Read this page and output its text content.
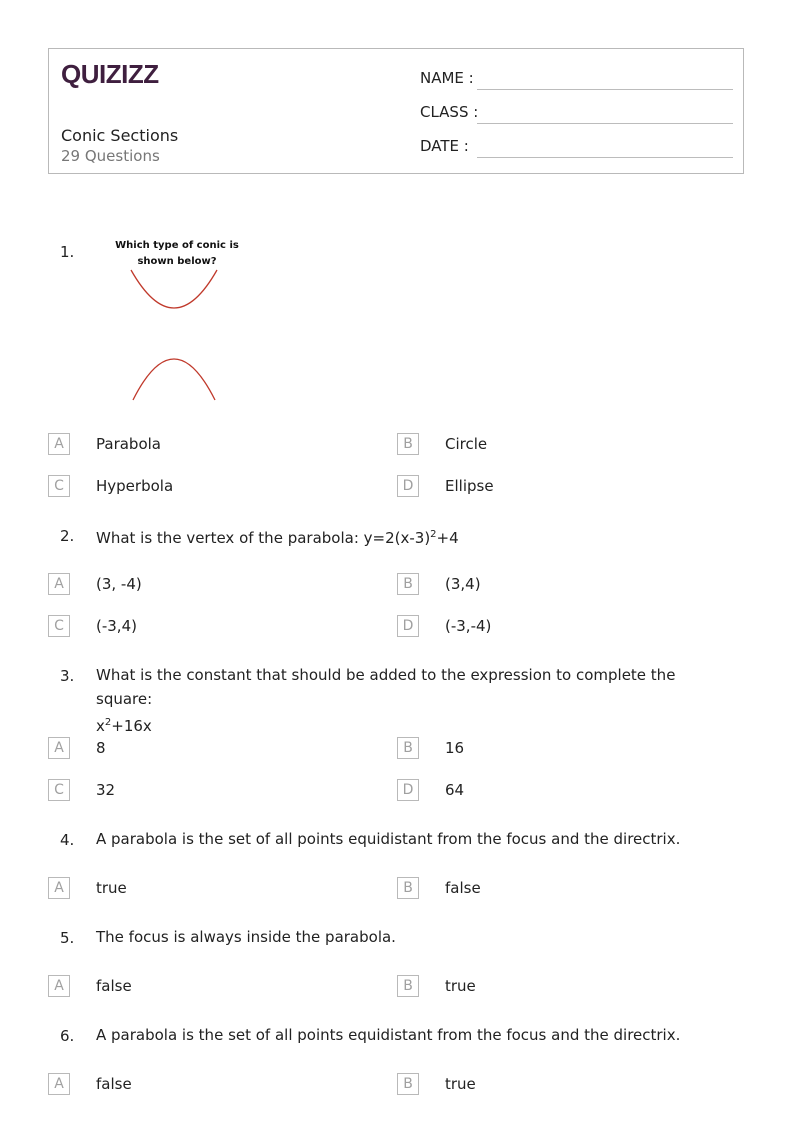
QUIZIZZ
Conic Sections
29 Questions
NAME :
CLASS :
DATE :
1.	Which type of conic is shown below?
A	Parabola	B	Circle
C	Hyperbola	D	Ellipse
2. What is the vertex of the parabola: $y=2(x-3)^2+4$
A	(3, -4)	B	(3,4)
C	(-3,4)	D	(-3,-4)
3. What is the constant that should be added to the expression to complete the square:
$x^2+16x$
A	8	B	16
C	32	D	64
4. A parabola is the set of all points equidistant from the focus and the directrix.
A	true	B	false
5. The focus is always inside the parabola.
A	false	B	true
6. A parabola is the set of all points equidistant from the focus and the directrix.
A	false	B	true
